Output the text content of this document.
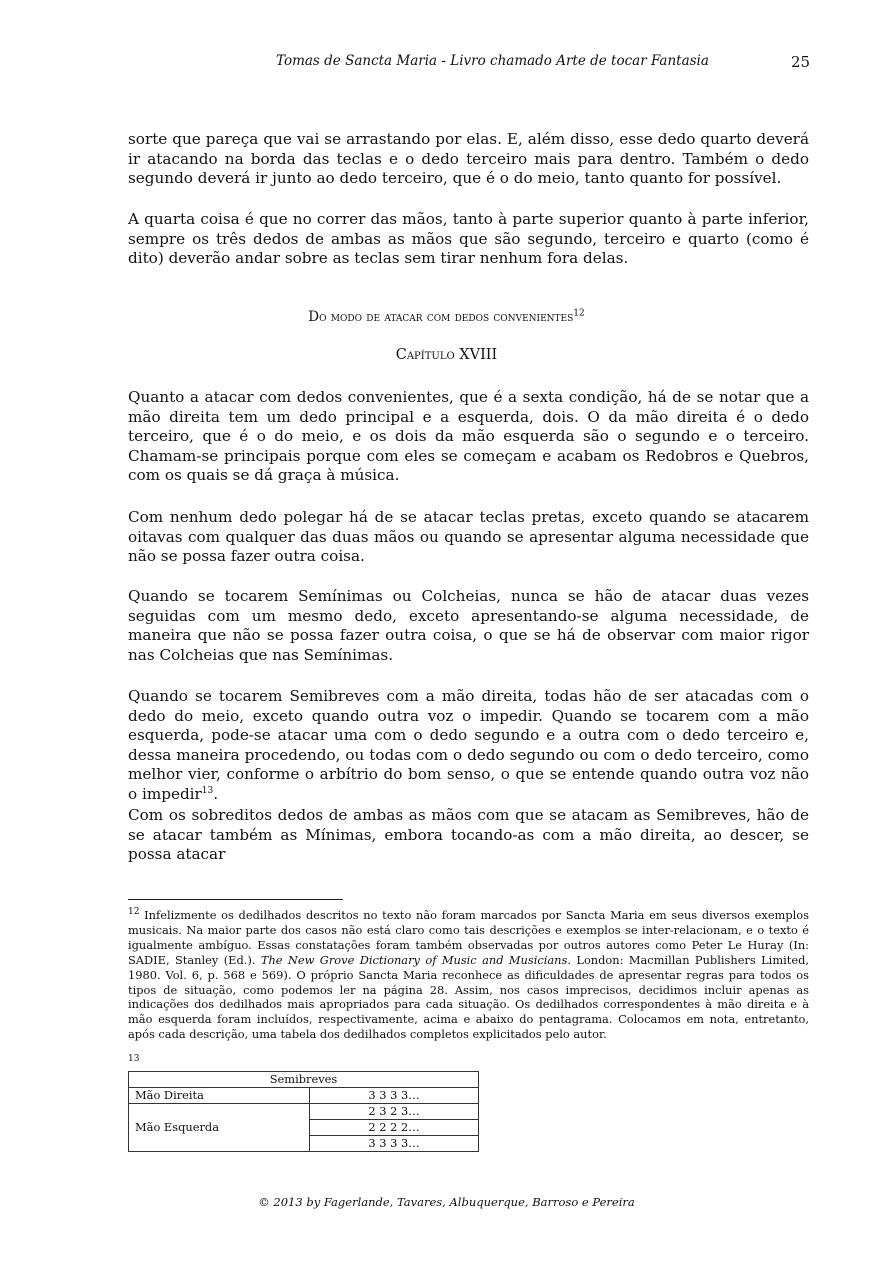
Tomas de Sancta Maria - Livro chamado Arte de tocar Fantasia	25

sorte que pareça que vai se arrastando por elas. E, além disso, esse dedo quarto deverá ir atacando na borda das teclas e o dedo terceiro mais para dentro. Também o dedo segundo deverá ir junto ao dedo terceiro, que é o do meio, tanto quanto for possível.

A quarta coisa é que no correr das mãos, tanto à parte superior quanto à parte inferior, sempre os três dedos de ambas as mãos que são segundo, terceiro e quarto (como é dito) deverão andar sobre as teclas sem tirar nenhum fora delas.

Do modo de atacar com dedos convenientes$^{12}$
Capítulo XVIII

Quanto a atacar com dedos convenientes, que é a sexta condição, há de se notar que a mão direita tem um dedo principal e a esquerda, dois. O da mão direita é o dedo terceiro, que é o do meio, e os dois da mão esquerda são o segundo e o terceiro. Chamam-se principais porque com eles se começam e acabam os Redobros e Quebros, com os quais se dá graça à música.

Com nenhum dedo polegar há de se atacar teclas pretas, exceto quando se atacarem oitavas com qualquer das duas mãos ou quando se apresentar alguma necessidade que não se possa fazer outra coisa.

Quando se tocarem Semínimas ou Colcheias, nunca se hão de atacar duas vezes seguidas com um mesmo dedo, exceto apresentando-se alguma necessidade, de maneira que não se possa fazer outra coisa, o que se há de observar com maior rigor nas Colcheias que nas Semínimas.

Quando se tocarem Semibreves com a mão direita, todas hão de ser atacadas com o dedo do meio, exceto quando outra voz o impedir. Quando se tocarem com a mão esquerda, pode-se atacar uma com o dedo segundo e a outra com o dedo terceiro e, dessa maneira procedendo, ou todas com o dedo segundo ou com o dedo terceiro, como melhor vier, conforme o arbítrio do bom senso, o que se entende quando outra voz não o impedir$^{13}$.

Com os sobreditos dedos de ambas as mãos com que se atacam as Semibreves, hão de se atacar também as Mínimas, embora tocando-as com a mão direita, ao descer, se possa atacar

$^{12}$ Infelizmente os dedilhados descritos no texto não foram marcados por Sancta Maria em seus diversos exemplos musicais. Na maior parte dos casos não está claro como tais descrições e exemplos se inter-relacionam, e o texto é igualmente ambíguo. Essas constatações foram também observadas por outros autores como Peter Le Huray (In: SADIE, Stanley (Ed.). The New Grove Dictionary of Music and Musicians. London: Macmillan Publishers Limited, 1980. Vol. 6, p. 568 e 569). O próprio Sancta Maria reconhece as dificuldades de apresentar regras para todos os tipos de situação, como podemos ler na página 28. Assim, nos casos imprecisos, decidimos incluir apenas as indicações dos dedilhados mais apropriados para cada situação. Os dedilhados correspondentes à mão direita e à mão esquerda foram incluídos, respectivamente, acima e abaixo do pentagrama. Colocamos em nota, entretanto, após cada descrição, uma tabela dos dedilhados completos explicitados pelo autor.

13
Semibreves	
Mão Direita	3 3 3 3…
Mão Esquerda	2 3 2 3…
	2 2 2 2…
	3 3 3 3…
© 2013 by Fagerlande, Tavares, Albuquerque, Barroso e Pereira
